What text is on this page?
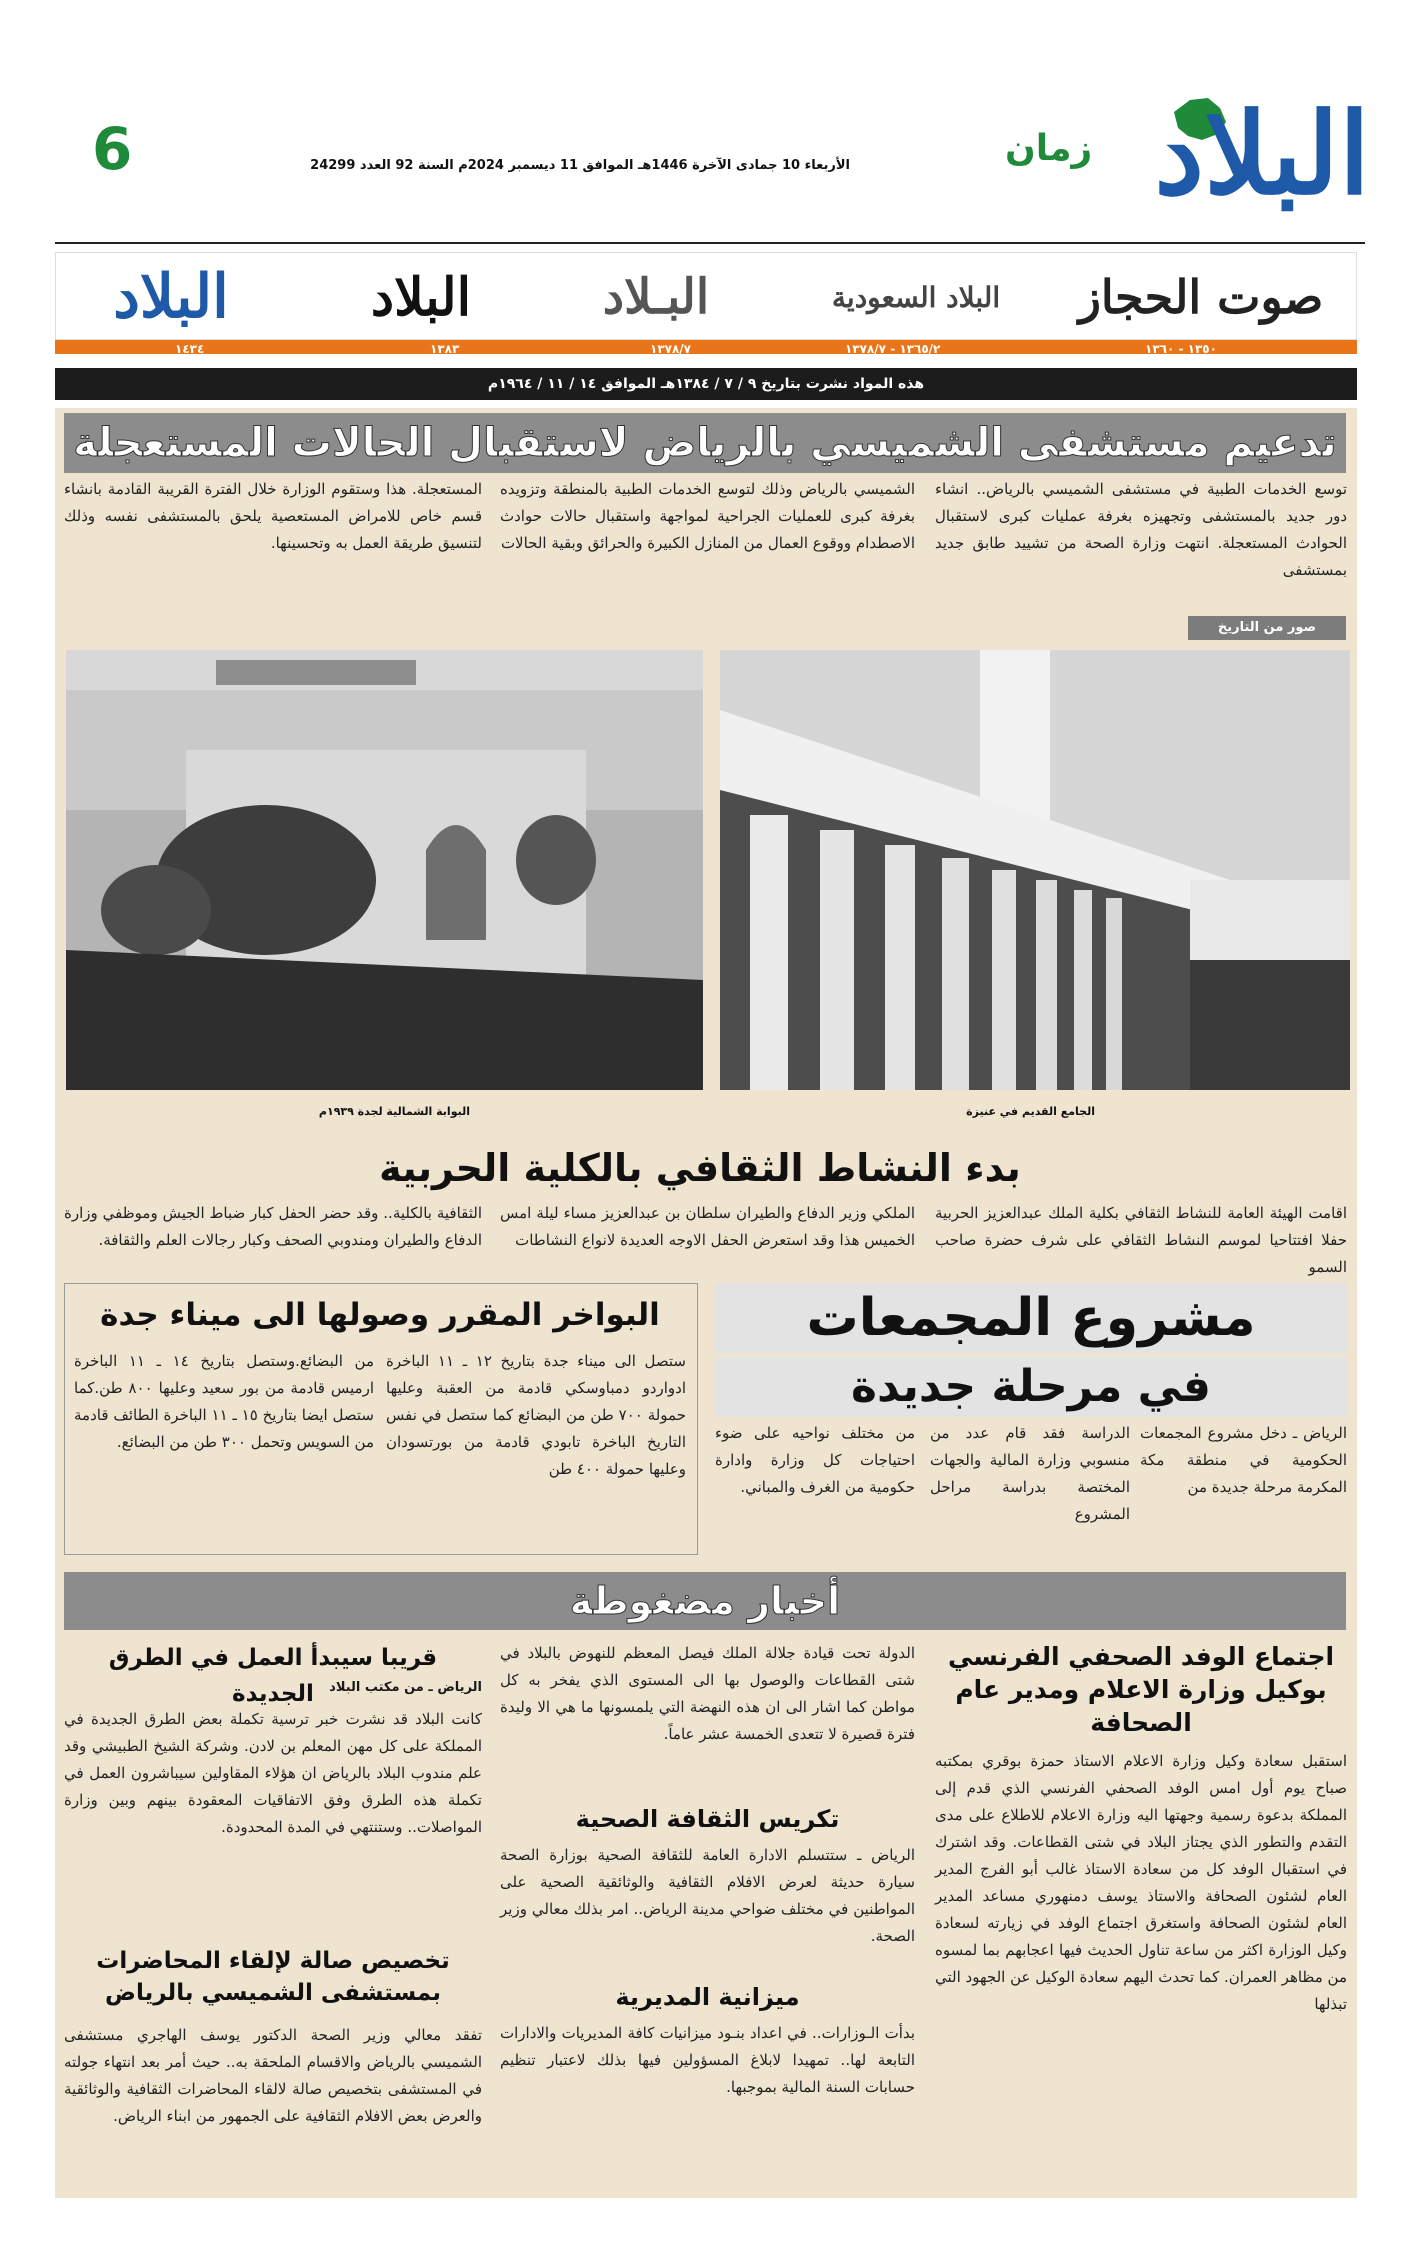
البلاد
زمان
الأربعاء 10 جمادى الآخرة 1446هـ الموافق 11 ديسمبر 2024م السنة 92 العدد 24299
6
صوت الحجاز
البلاد السعودية
البـلاد
البلاد
البلاد
١٣٥٠ - ١٣٦٠
١٣٦٥/٢ - ١٣٧٨/٧
١٣٧٨/٧
١٣٨٣
١٤٣٤
هذه المواد نشرت بتاريخ ٩ / ٧ / ١٣٨٤هـ الموافق ١٤ / ١١ / ١٩٦٤م
تدعيم مستشفى الشميسي بالرياض لاستقبال الحالات المستعجلة
توسع الخدمات الطبية في مستشفى الشميسي بالرياض.. انشاء دور جديد بالمستشفى وتجهيزه بغرفة عمليات كبرى لاستقبال الحوادث المستعجلة. انتهت وزارة الصحة من تشييد طابق جديد بمستشفى
الشميسي بالرياض وذلك لتوسع الخدمات الطبية بالمنطقة وتزويده بغرفة كبرى للعمليات الجراحية لمواجهة واستقبال حالات حوادث الاصطدام ووقوع العمال من المنازل الكبيرة والحرائق وبقية الحالات
المستعجلة. هذا وستقوم الوزارة خلال الفترة القريبة القادمة بانشاء قسم خاص للامراض المستعصية يلحق بالمستشفى نفسه وذلك لتنسيق طريقة العمل به وتحسينها.
صور من التاريخ
البوابة الشمالية لجدة ١٩٣٩م	الجامع القديم في عنيزة
بدء النشاط الثقافي بالكلية الحربية
اقامت الهيئة العامة للنشاط الثقافي بكلية الملك عبدالعزيز الحربية حفلا افتتاحيا لموسم النشاط الثقافي على شرف حضرة صاحب السمو
الملكي وزير الدفاع والطيران سلطان بن عبدالعزيز مساء ليلة امس الخميس هذا وقد استعرض الحفل الاوجه العديدة لانواع النشاطات
الثقافية بالكلية.. وقد حضر الحفل كبار ضباط الجيش وموظفي وزارة الدفاع والطيران ومندوبي الصحف وكبار رجالات العلم والثقافة.
مشروع المجمعات
في مرحلة جديدة
الرياض ـ دخل مشروع المجمعات الحكومية في منطقة مكة المكرمة مرحلة جديدة من
الدراسة فقد قام عدد من منسوبي وزارة المالية والجهات المختصة بدراسة مراحل المشروع
من مختلف نواحيه على ضوء احتياجات كل وزارة وادارة حكومية من الغرف والمباني.
البواخر المقرر وصولها الى ميناء جدة
ستصل الى ميناء جدة بتاريخ ١٢ ـ ١١ الباخرة ادواردو دمباوسكي قادمة من العقبة وعليها حمولة ٧٠٠ طن من البضائع كما ستصل في نفس التاريخ الباخرة تابودي قادمة من بورتسودان وعليها حمولة ٤٠٠ طن
من البضائع.وستصل بتاريخ ١٤ ـ ١١ الباخرة ارميس قادمة من بور سعيد وعليها ٨٠٠ طن.كما ستصل ايضا بتاريخ ١٥ ـ ١١ الباخرة الطائف قادمة من السويس وتحمل ٣٠٠ طن من البضائع.
أخبار مضغوطة
اجتماع الوفد الصحفي الفرنسي بوكيل وزارة الاعلام ومدير عام الصحافة
استقبل سعادة وكيل وزارة الاعلام الاستاذ حمزة بوقري بمكتبه صباح يوم أول امس الوفد الصحفي الفرنسي الذي قدم إلى المملكة بدعوة رسمية وجهتها اليه وزارة الاعلام للاطلاع على مدى التقدم والتطور الذي يجتاز البلاد في شتى القطاعات. وقد اشترك في استقبال الوفد كل من سعادة الاستاذ غالب أبو الفرج المدير العام لشئون الصحافة والاستاذ يوسف دمنهوري مساعد المدير العام لشئون الصحافة واستغرق اجتماع الوفد في زيارته لسعادة وكيل الوزارة اكثر من ساعة تناول الحديث فيها اعجابهم بما لمسوه من مظاهر العمران. كما تحدث اليهم سعادة الوكيل عن الجهود التي تبذلها
الدولة تحت قيادة جلالة الملك فيصل المعظم للنهوض بالبلاد في شتى القطاعات والوصول بها الى المستوى الذي يفخر به كل مواطن كما اشار الى ان هذه النهضة التي يلمسونها ما هي الا وليدة فترة قصيرة لا تتعدى الخمسة عشر عاماً.
تكريس الثقافة الصحية
الرياض ـ ستتسلم الادارة العامة للثقافة الصحية بوزارة الصحة سيارة حديثة لعرض الافلام الثقافية والوثائقية الصحية على المواطنين في مختلف ضواحي مدينة الرياض.. امر بذلك معالي وزير الصحة.
ميزانية المديرية
بدأت الـوزارات.. في اعداد بنـود ميزانيات كافة المديريات والادارات التابعة لها.. تمهيدا لابلاغ المسؤولين فيها بذلك لاعتبار تنظيم حسابات السنة المالية بموجبها.
قريبا سيبدأ العمل في الطرق الجديدة	الرياض ـ من مكتب البلاد
كانت البلاد قد نشرت خبر ترسية تكملة بعض الطرق الجديدة في المملكة على كل مهن المعلم بن لادن. وشركة الشيخ الطبيشي وقد علم مندوب البلاد بالرياض ان هؤلاء المقاولين سيباشرون العمل في تكملة هذه الطرق وفق الاتفاقيات المعقودة بينهم وبين وزارة المواصلات.. وستنتهي في المدة المحدودة.
تخصيص صالة لإلقاء المحاضرات بمستشفى الشميسي بالرياض
تفقد معالي وزير الصحة الدكتور يوسف الهاجري مستشفى الشميسي بالرياض والاقسام الملحقة به.. حيث أمر بعد انتهاء جولته في المستشفى بتخصيص صالة لالقاء المحاضرات الثقافية والوثائقية والعرض بعض الافلام الثقافية على الجمهور من ابناء الرياض.
